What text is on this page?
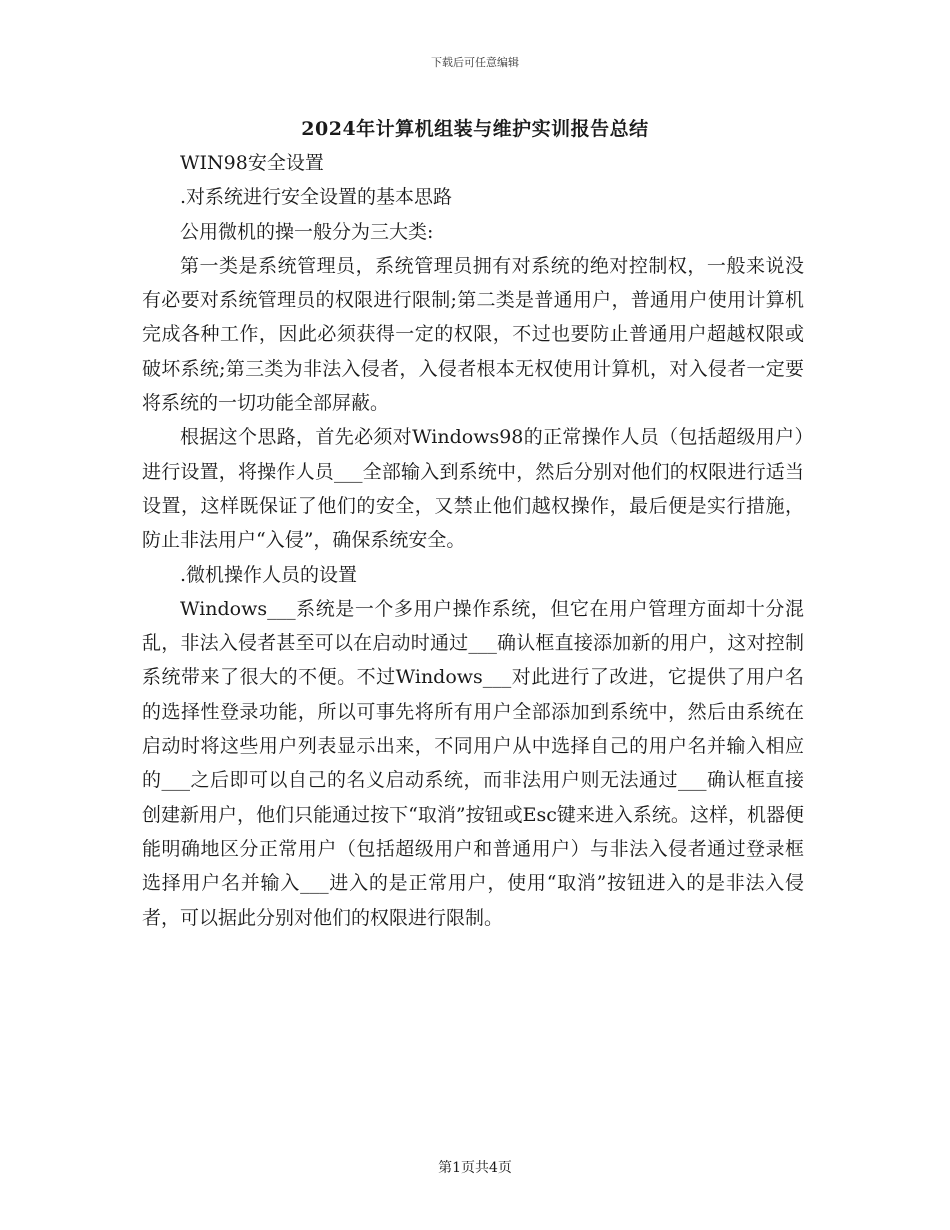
下载后可任意编辑
2024年计算机组装与维护实训报告总结

WIN98安全设置

.对系统进行安全设置的基本思路

公用微机的操一般分为三大类:

第一类是系统管理员，系统管理员拥有对系统的绝对控制权，一般来说没有必要对系统管理员的权限进行限制;第二类是普通用户，普通用户使用计算机完成各种工作，因此必须获得一定的权限，不过也要防止普通用户超越权限或破坏系统;第三类为非法入侵者，入侵者根本无权使用计算机，对入侵者一定要将系统的一切功能全部屏蔽。

根据这个思路，首先必须对Windows98的正常操作人员（包括超级用户）进行设置，将操作人员___全部输入到系统中，然后分别对他们的权限进行适当设置，这样既保证了他们的安全，又禁止他们越权操作，最后便是实行措施，防止非法用户“入侵”，确保系统安全。

.微机操作人员的设置

Windows___系统是一个多用户操作系统，但它在用户管理方面却十分混乱，非法入侵者甚至可以在启动时通过___确认框直接添加新的用户，这对控制系统带来了很大的不便。不过Windows___对此进行了改进，它提供了用户名的选择性登录功能，所以可事先将所有用户全部添加到系统中，然后由系统在启动时将这些用户列表显示出来，不同用户从中选择自己的用户名并输入相应的___之后即可以自己的名义启动系统，而非法用户则无法通过___确认框直接创建新用户，他们只能通过按下“取消”按钮或Esc键来进入系统。这样，机器便能明确地区分正常用户（包括超级用户和普通用户）与非法入侵者通过登录框选择用户名并输入___进入的是正常用户，使用“取消”按钮进入的是非法入侵者，可以据此分别对他们的权限进行限制。

第1页共4页
